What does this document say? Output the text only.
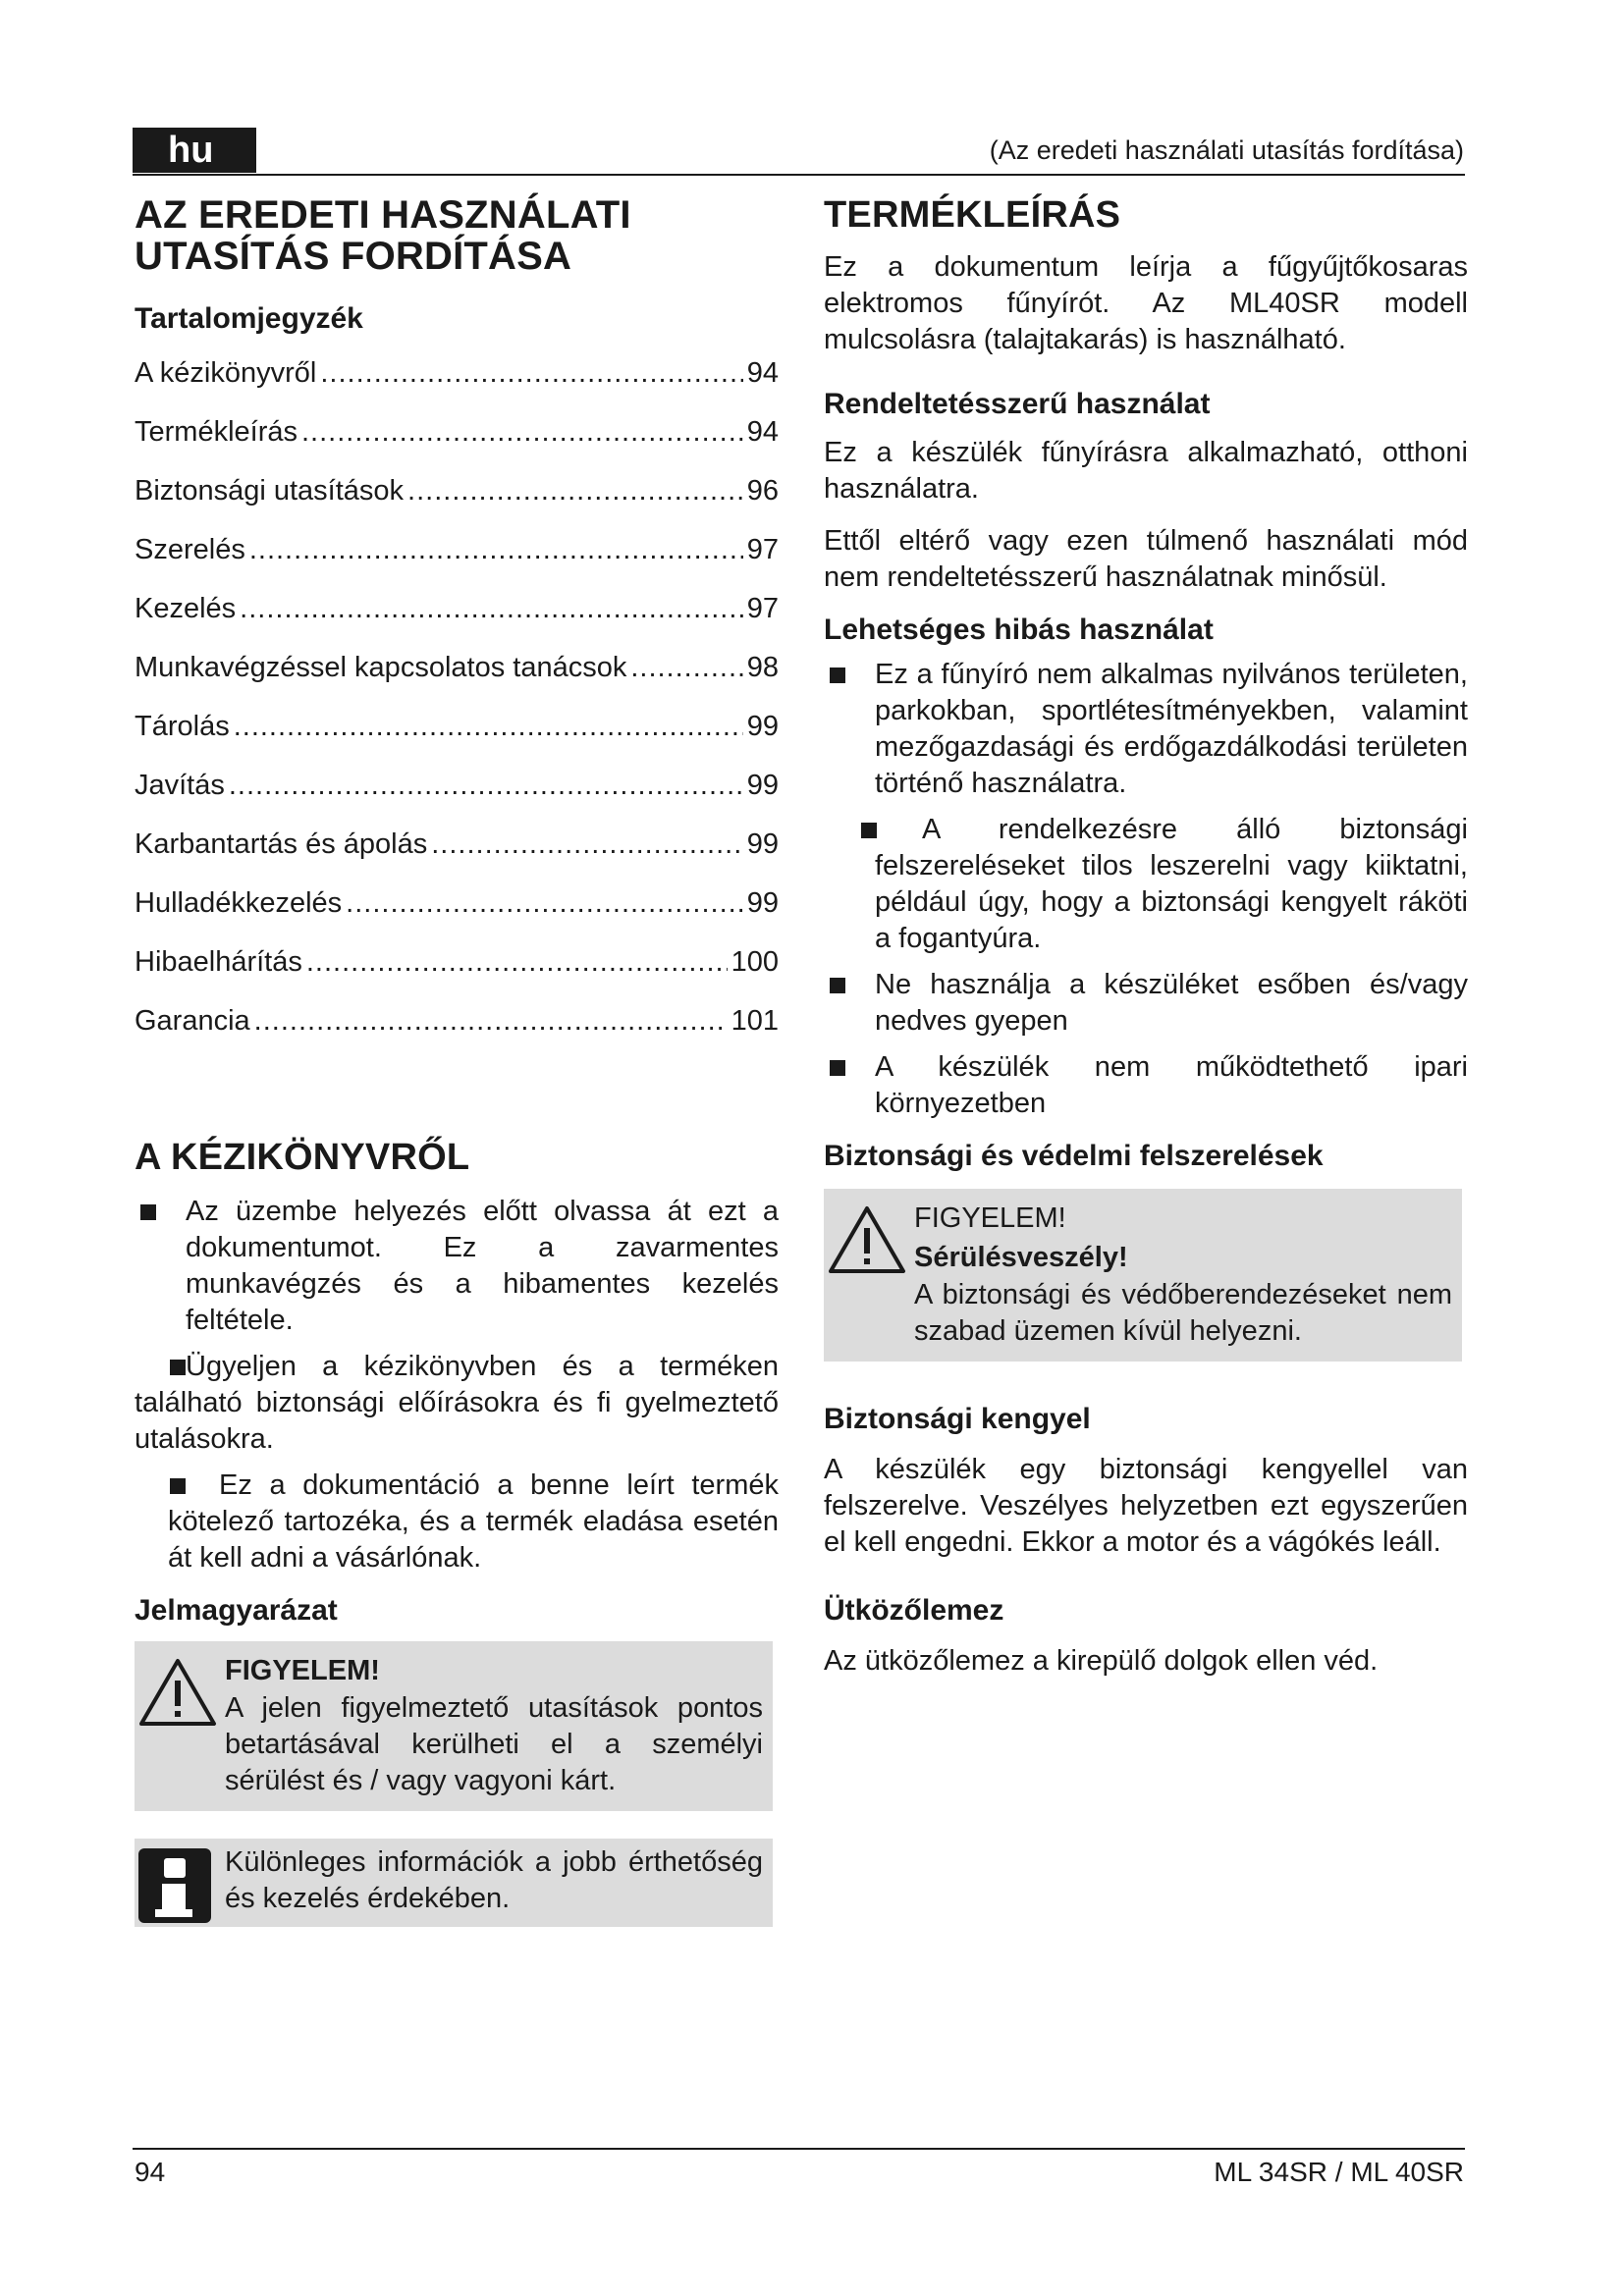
hu	(Az eredeti használati utasítás fordítása)
AZ EREDETI HASZNÁLATI
UTASÍTÁS FORDÍTÁSA
Tartalomjegyzék
A kézikönyvről .....	94
Termékleírás .....	94
Biztonsági utasítások .....	96
Szerelés .....	97
Kezelés .....	97
Munkavégzéssel kapcsolatos tanácsok .....	98
Tárolás .....	99
Javítás .....	99
Karbantartás és ápolás .....	99
Hulladékkezelés .....	99
Hibaelhárítás .....	100
Garancia .....	101
A KÉZIKÖNYVRŐL
Az üzembe helyezés előtt olvassa át ezt a dokumentumot. Ez a zavarmentes munkavégzés és a hibamentes kezelés feltétele.
Ügyeljen a kézikönyvben és a terméken található biztonsági előírásokra és fi gyelmeztető utalásokra.
Ez a dokumentáció a benne leírt termék kötelező tartozéka, és a termék eladása esetén át kell adni a vásárlónak.
Jelmagyarázat
FIGYELEM!
A jelen figyelmeztető utasítások pontos betartásával kerülheti el a személyi sérülést és / vagy vagyoni kárt.
Különleges információk a jobb érthetőség és kezelés érdekében.
TERMÉKLEÍRÁS

Ez a dokumentum leírja a fűgyűjtőkosaras elektromos fűnyírót. Az ML40SR modell mulcsolásra (talajtakarás) is használható.

Rendeltetésszerű használat

Ez a készülék fűnyírásra alkalmazható, otthoni használatra.

Ettől eltérő vagy ezen túlmenő használati mód nem rendeltetésszerű használatnak minősül.

Lehetséges hibás használat
Ez a fűnyíró nem alkalmas nyilvános területen, parkokban, sportlétesítményekben, valamint mezőgazdasági és erdőgazdálkodási területen történő használatra.
A rendelkezésre álló biztonsági felszereléseket tilos leszerelni vagy kiiktatni, például úgy, hogy a biztonsági kengyelt ráköti a fogantyúra.
Ne használja a készüléket esőben és/vagy nedves gyepen
A készülék nem működtethető ipari környezetben
Biztonsági és védelmi felszerelések
FIGYELEM!
Sérülésveszély!
A biztonsági és védőberendezéseket nem szabad üzemen kívül helyezni.
Biztonsági kengyel

A készülék egy biztonsági kengyellel van felszerelve. Veszélyes helyzetben ezt egyszerűen el kell engedni. Ekkor a motor és a vágókés leáll.

Ütközőlemez

Az ütközőlemez a kirepülő dolgok ellen véd.

94	ML 34SR / ML 40SR
